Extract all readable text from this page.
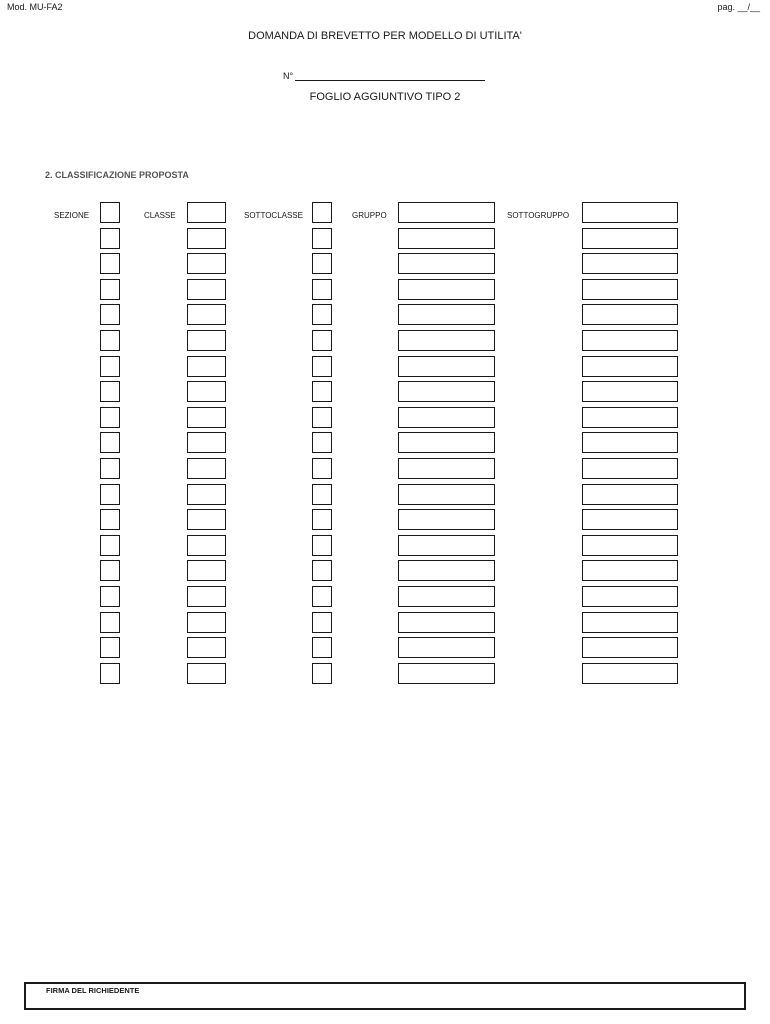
Mod. MU-FA2	pag. __/__
DOMANDA DI BREVETTO PER MODELLO DI UTILITA'
N°
FOGLIO AGGIUNTIVO TIPO 2
2. CLASSIFICAZIONE PROPOSTA
SEZIONE	CLASSE	SOTTOCLASSE	GRUPPO	SOTTOGRUPPO
FIRMA DEL RICHIEDENTE
